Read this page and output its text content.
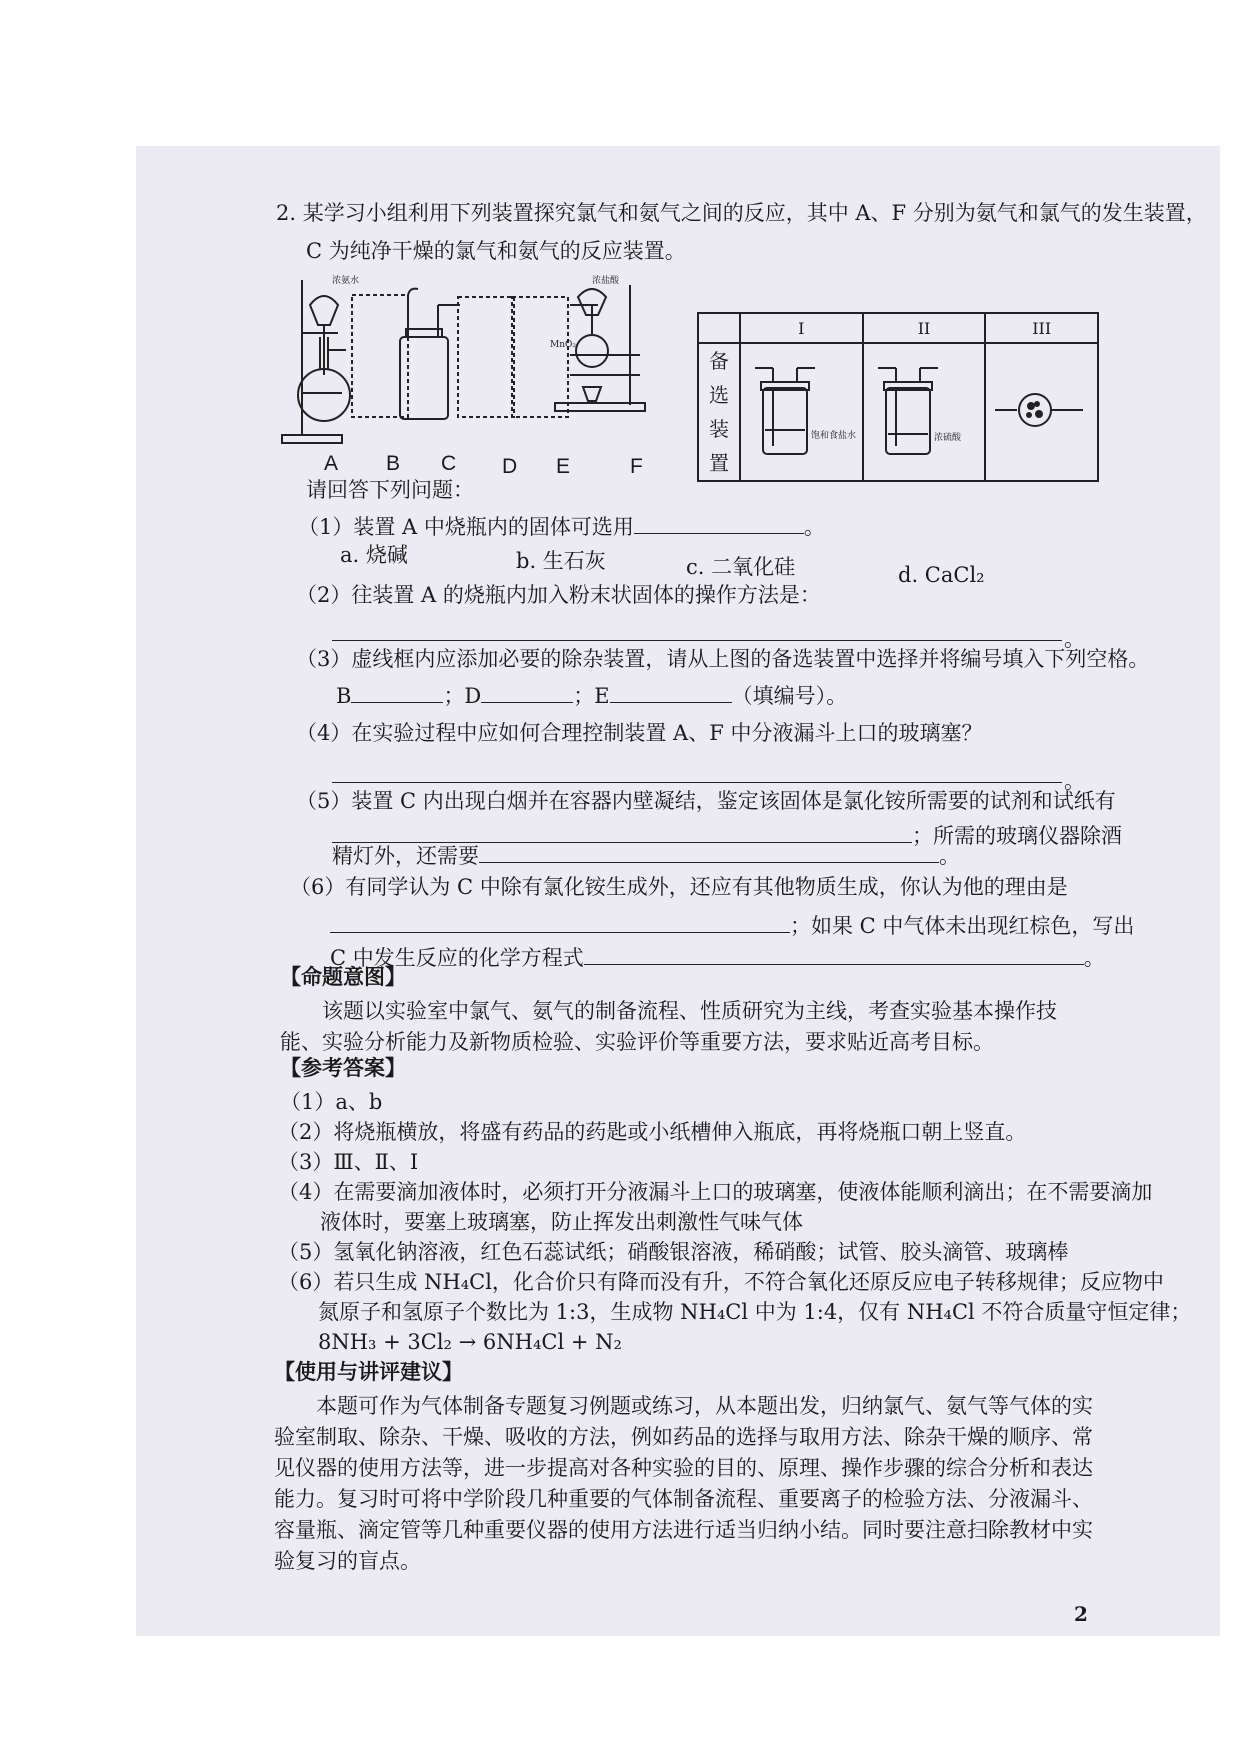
2. 某学习小组利用下列装置探究氯气和氨气之间的反应，其中 A、F 分别为氨气和氯气的发生装置，
C 为纯净干燥的氯气和氨气的反应装置。
浓氨水	浓盐酸
MnO₂
A B C D E	F
	I	II	III
备选装置	饱和食盐水	浓硫酸

请回答下列问题：
（1）装置 A 中烧瓶内的固体可选用	。
a. 烧碱	b. 生石灰	c. 二氧化硅	d. CaCl₂
（2）往装置 A 的烧瓶内加入粉末状固体的操作方法是：
。
（3）虚线框内应添加必要的除杂装置，请从上图的备选装置中选择并将编号填入下列空格。
B	；D	；E	（填编号）。
（4）在实验过程中应如何合理控制装置 A、F 中分液漏斗上口的玻璃塞？
。
（5）装置 C 内出现白烟并在容器内壁凝结，鉴定该固体是氯化铵所需要的试剂和试纸有
；所需的玻璃仪器除酒
精灯外，还需要	。
（6）有同学认为 C 中除有氯化铵生成外，还应有其他物质生成，你认为他的理由是
；如果 C 中气体未出现红棕色，写出
C 中发生反应的化学方程式	。
【命题意图】
该题以实验室中氯气、氨气的制备流程、性质研究为主线，考查实验基本操作技能、实验分析能力及新物质检验、实验评价等重要方法，要求贴近高考目标。
【参考答案】
（1）a、b
（2）将烧瓶横放，将盛有药品的药匙或小纸槽伸入瓶底，再将烧瓶口朝上竖直。
（3）Ⅲ、Ⅱ、Ⅰ
（4）在需要滴加液体时，必须打开分液漏斗上口的玻璃塞，使液体能顺利滴出；在不需要滴加
液体时，要塞上玻璃塞，防止挥发出刺激性气味气体
（5）氢氧化钠溶液，红色石蕊试纸；硝酸银溶液，稀硝酸；试管、胶头滴管、玻璃棒
（6）若只生成 NH₄Cl，化合价只有降而没有升，不符合氧化还原反应电子转移规律；反应物中
氮原子和氢原子个数比为 1:3，生成物 NH₄Cl 中为 1:4，仅有 NH₄Cl 不符合质量守恒定律；
8NH₃ + 3Cl₂ → 6NH₄Cl + N₂
【使用与讲评建议】
本题可作为气体制备专题复习例题或练习，从本题出发，归纳氯气、氨气等气体的实验室制取、除杂、干燥、吸收的方法，例如药品的选择与取用方法、除杂干燥的顺序、常见仪器的使用方法等，进一步提高对各种实验的目的、原理、操作步骤的综合分析和表达能力。复习时可将中学阶段几种重要的气体制备流程、重要离子的检验方法、分液漏斗、容量瓶、滴定管等几种重要仪器的使用方法进行适当归纳小结。同时要注意扫除教材中实验复习的盲点。
2
